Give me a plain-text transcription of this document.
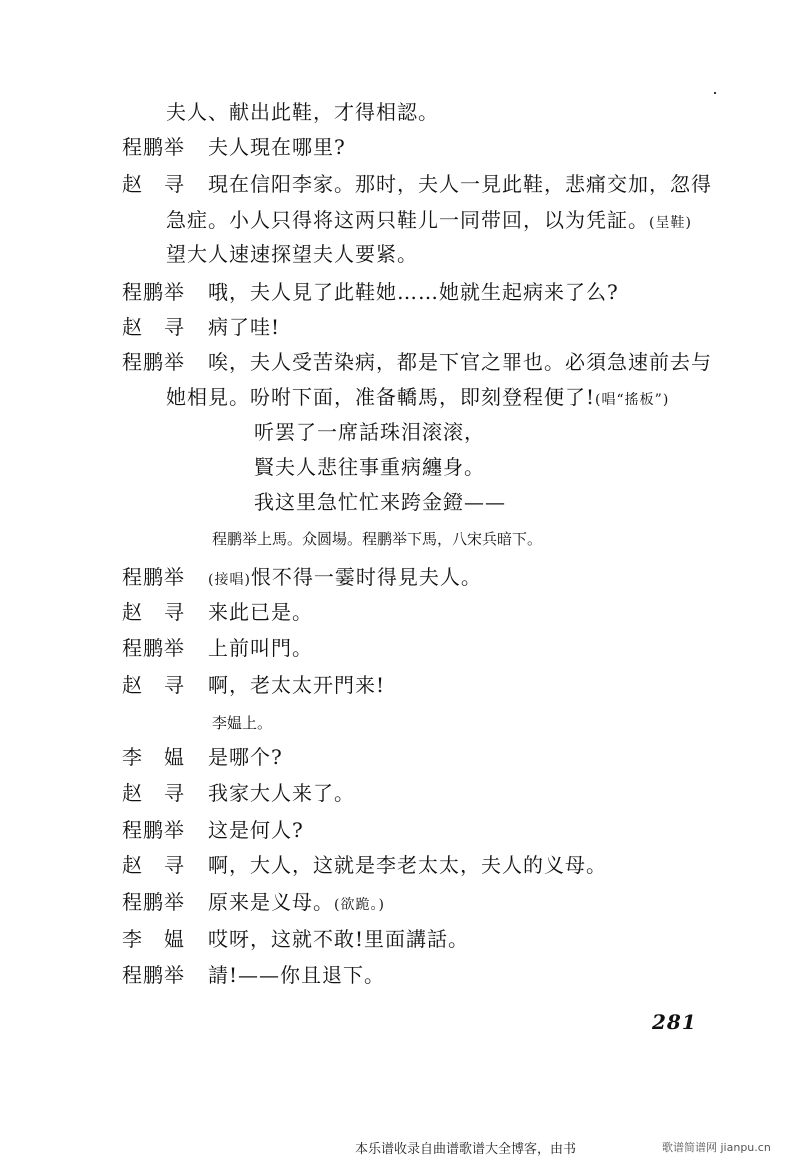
夫人、献出此鞋，才得相認。
程鹏举 夫人現在哪里?
赵　寻 現在信阳李家。那时，夫人一見此鞋，悲痛交加，忽得
急症。小人只得将这两只鞋儿一同带回，以为凭証。(呈鞋)
望大人速速探望夫人要紧。
程鹏举 哦，夫人見了此鞋她……她就生起病来了么?
赵　寻 病了哇!
程鹏举 唉，夫人受苦染病，都是下官之罪也。必須急速前去与
她相見。吩咐下面，准备轎馬，即刻登程便了!(唱“搖板”)
听罢了一席話珠泪滚滚，
賢夫人悲往事重病纏身。
我这里急忙忙来跨金鐙——
程鹏举上馬。众圆場。程鹏举下馬，八宋兵暗下。
程鹏举 (接唱)恨不得一霎时得見夫人。
赵　寻 来此已是。
程鹏举 上前叫門。
赵　寻 啊，老太太开門来!
李媪上。
李　媪 是哪个?
赵　寻 我家大人来了。
程鹏举 这是何人?
赵　寻 啊，大人，这就是李老太太，夫人的义母。
程鹏举 原来是义母。(欲跪。)
李　媪 哎呀，这就不敢!里面講話。
程鹏举 請!——你且退下。
281
本乐谱收录自曲谱歌谱大全博客，由书	歌谱简谱网 jianpu.cn
